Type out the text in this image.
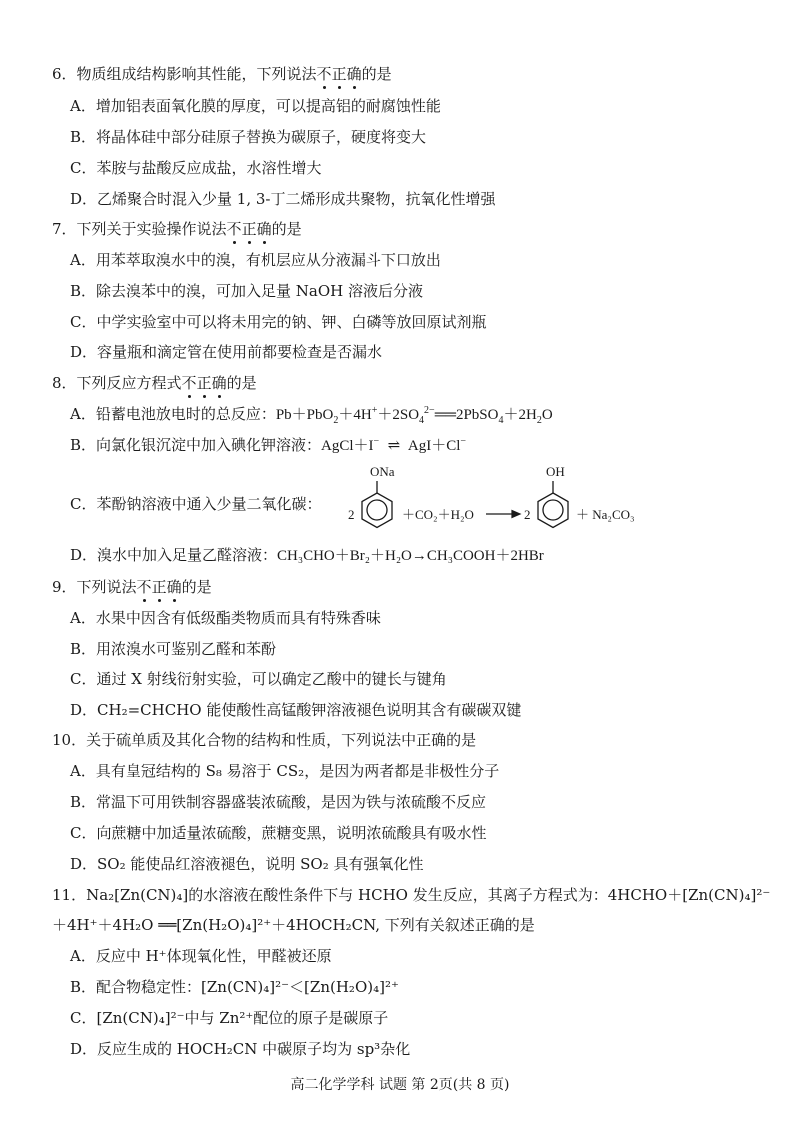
6．物质组成结构影响其性能，下列说法不正确的是
A．增加铝表面氧化膜的厚度，可以提高铝的耐腐蚀性能
B．将晶体硅中部分硅原子替换为碳原子，硬度将变大
C．苯胺与盐酸反应成盐，水溶性增大
D．乙烯聚合时混入少量 1, 3-丁二烯形成共聚物，抗氧化性增强
7．下列关于实验操作说法不正确的是
A．用苯萃取溴水中的溴，有机层应从分液漏斗下口放出
B．除去溴苯中的溴，可加入足量 NaOH 溶液后分液
C．中学实验室中可以将未用完的钠、钾、白磷等放回原试剂瓶
D．容量瓶和滴定管在使用前都要检查是否漏水
8．下列反应方程式不正确的是
A．铅蓄电池放电时的总反应：$Pb+PbO_2+4H^++2SO_4^{2-}══2PbSO_4+2H_2O$
B．向氯化银沉淀中加入碘化钾溶液：AgCl＋I− ⇌ AgI＋Cl−
C．苯酚钠溶液中通入少量二氧化碳：
2
ONa
＋CO₂＋H₂O	2
OH
＋ Na₂CO₃
D．溴水中加入足量乙醛溶液：CH₃CHO＋Br₂＋H₂O→CH₃COOH＋2HBr
9．下列说法不正确的是
A．水果中因含有低级酯类物质而具有特殊香味
B．用浓溴水可鉴别乙醛和苯酚
C．通过 X 射线衍射实验，可以确定乙酸中的键长与键角
D．CH₂=CHCHO 能使酸性高锰酸钾溶液褪色说明其含有碳碳双键
10．关于硫单质及其化合物的结构和性质，下列说法中正确的是
A．具有皇冠结构的 S₈ 易溶于 CS₂，是因为两者都是非极性分子
B．常温下可用铁制容器盛装浓硫酸，是因为铁与浓硫酸不反应
C．向蔗糖中加适量浓硫酸，蔗糖变黑，说明浓硫酸具有吸水性
D．SO₂ 能使品红溶液褪色，说明 SO₂ 具有强氧化性
11．Na₂[Zn(CN)₄]的水溶液在酸性条件下与 HCHO 发生反应，其离子方程式为：4HCHO＋[Zn(CN)₄]²⁻
＋4H⁺＋4H₂O ══[Zn(H₂O)₄]²⁺＋4HOCH₂CN, 下列有关叙述正确的是
A．反应中 H⁺体现氧化性，甲醛被还原
B．配合物稳定性：[Zn(CN)₄]²⁻＜[Zn(H₂O)₄]²⁺
C．[Zn(CN)₄]²⁻中与 Zn²⁺配位的原子是碳原子
D．反应生成的 HOCH₂CN 中碳原子均为 sp³杂化
高二化学学科 试题 第 2页(共 8 页)
